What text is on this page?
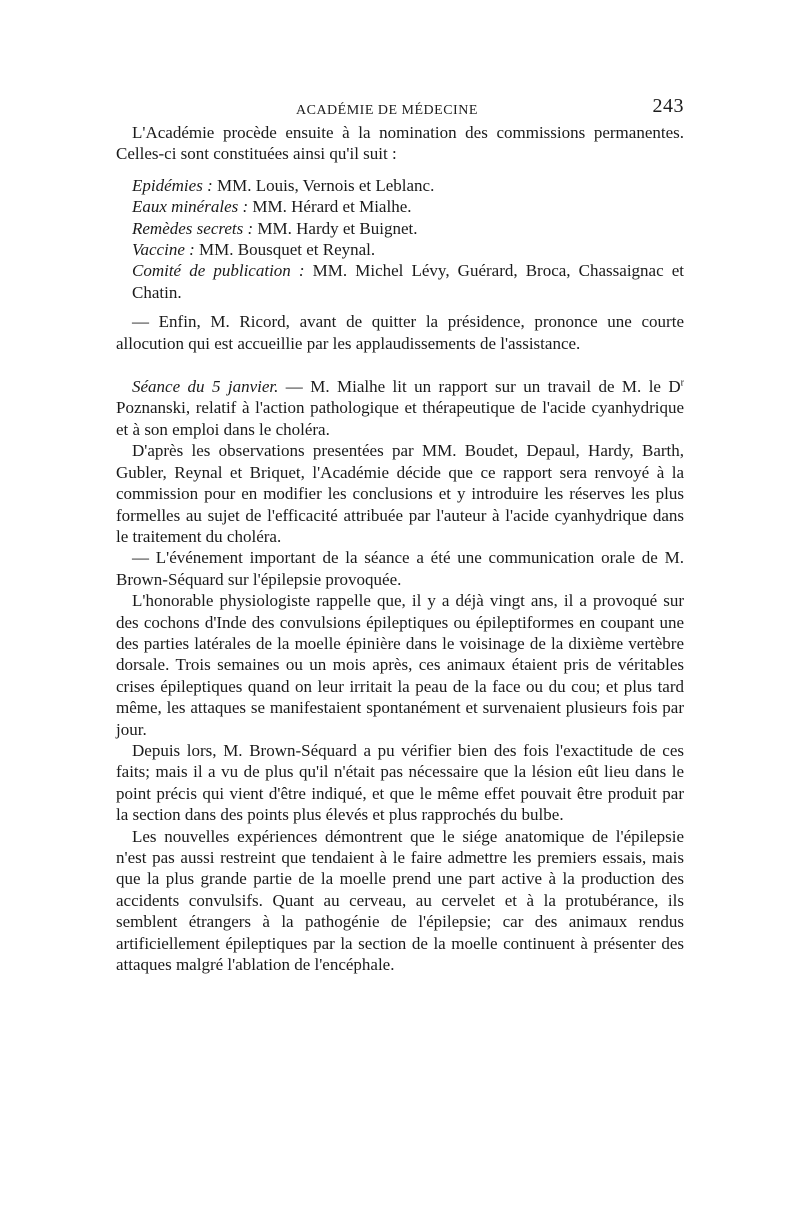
ACADÉMIE DE MÉDECINE	243

L'Académie procède ensuite à la nomination des commissions permanentes. Celles-ci sont constituées ainsi qu'il suit :

Epidémies : MM. Louis, Vernois et Leblanc.

Eaux minérales : MM. Hérard et Mialhe.

Remèdes secrets : MM. Hardy et Buignet.

Vaccine : MM. Bousquet et Reynal.

Comité de publication : MM. Michel Lévy, Guérard, Broca, Chassaignac et Chatin.

— Enfin, M. Ricord, avant de quitter la présidence, prononce une courte allocution qui est accueillie par les applaudissements de l'assistance.

Séance du 5 janvier. — M. Mialhe lit un rapport sur un travail de M. le $D^r$ Poznanski, relatif à l'action pathologique et thérapeutique de l'acide cyanhydrique et à son emploi dans le choléra.

D'après les observations presentées par MM. Boudet, Depaul, Hardy, Barth, Gubler, Reynal et Briquet, l'Académie décide que ce rapport sera renvoyé à la commission pour en modifier les conclusions et y introduire les réserves les plus formelles au sujet de l'efficacité attribuée par l'auteur à l'acide cyanhydrique dans le traitement du choléra.

— L'événement important de la séance a été une communication orale de M. Brown-Séquard sur l'épilepsie provoquée.

L'honorable physiologiste rappelle que, il y a déjà vingt ans, il a provoqué sur des cochons d'Inde des convulsions épileptiques ou épileptiformes en coupant une des parties latérales de la moelle épinière dans le voisinage de la dixième vertèbre dorsale. Trois semaines ou un mois après, ces animaux étaient pris de véritables crises épileptiques quand on leur irritait la peau de la face ou du cou; et plus tard même, les attaques se manifestaient spontanément et survenaient plusieurs fois par jour.

Depuis lors, M. Brown-Séquard a pu vérifier bien des fois l'exactitude de ces faits; mais il a vu de plus qu'il n'était pas nécessaire que la lésion eût lieu dans le point précis qui vient d'être indiqué, et que le même effet pouvait être produit par la section dans des points plus élevés et plus rapprochés du bulbe.

Les nouvelles expériences démontrent que le siége anatomique de l'épilepsie n'est pas aussi restreint que tendaient à le faire admettre les premiers essais, mais que la plus grande partie de la moelle prend une part active à la production des accidents convulsifs. Quant au cerveau, au cervelet et à la protubérance, ils semblent étrangers à la pathogénie de l'épilepsie; car des animaux rendus artificiellement épileptiques par la section de la moelle continuent à présenter des attaques malgré l'ablation de l'encéphale.
